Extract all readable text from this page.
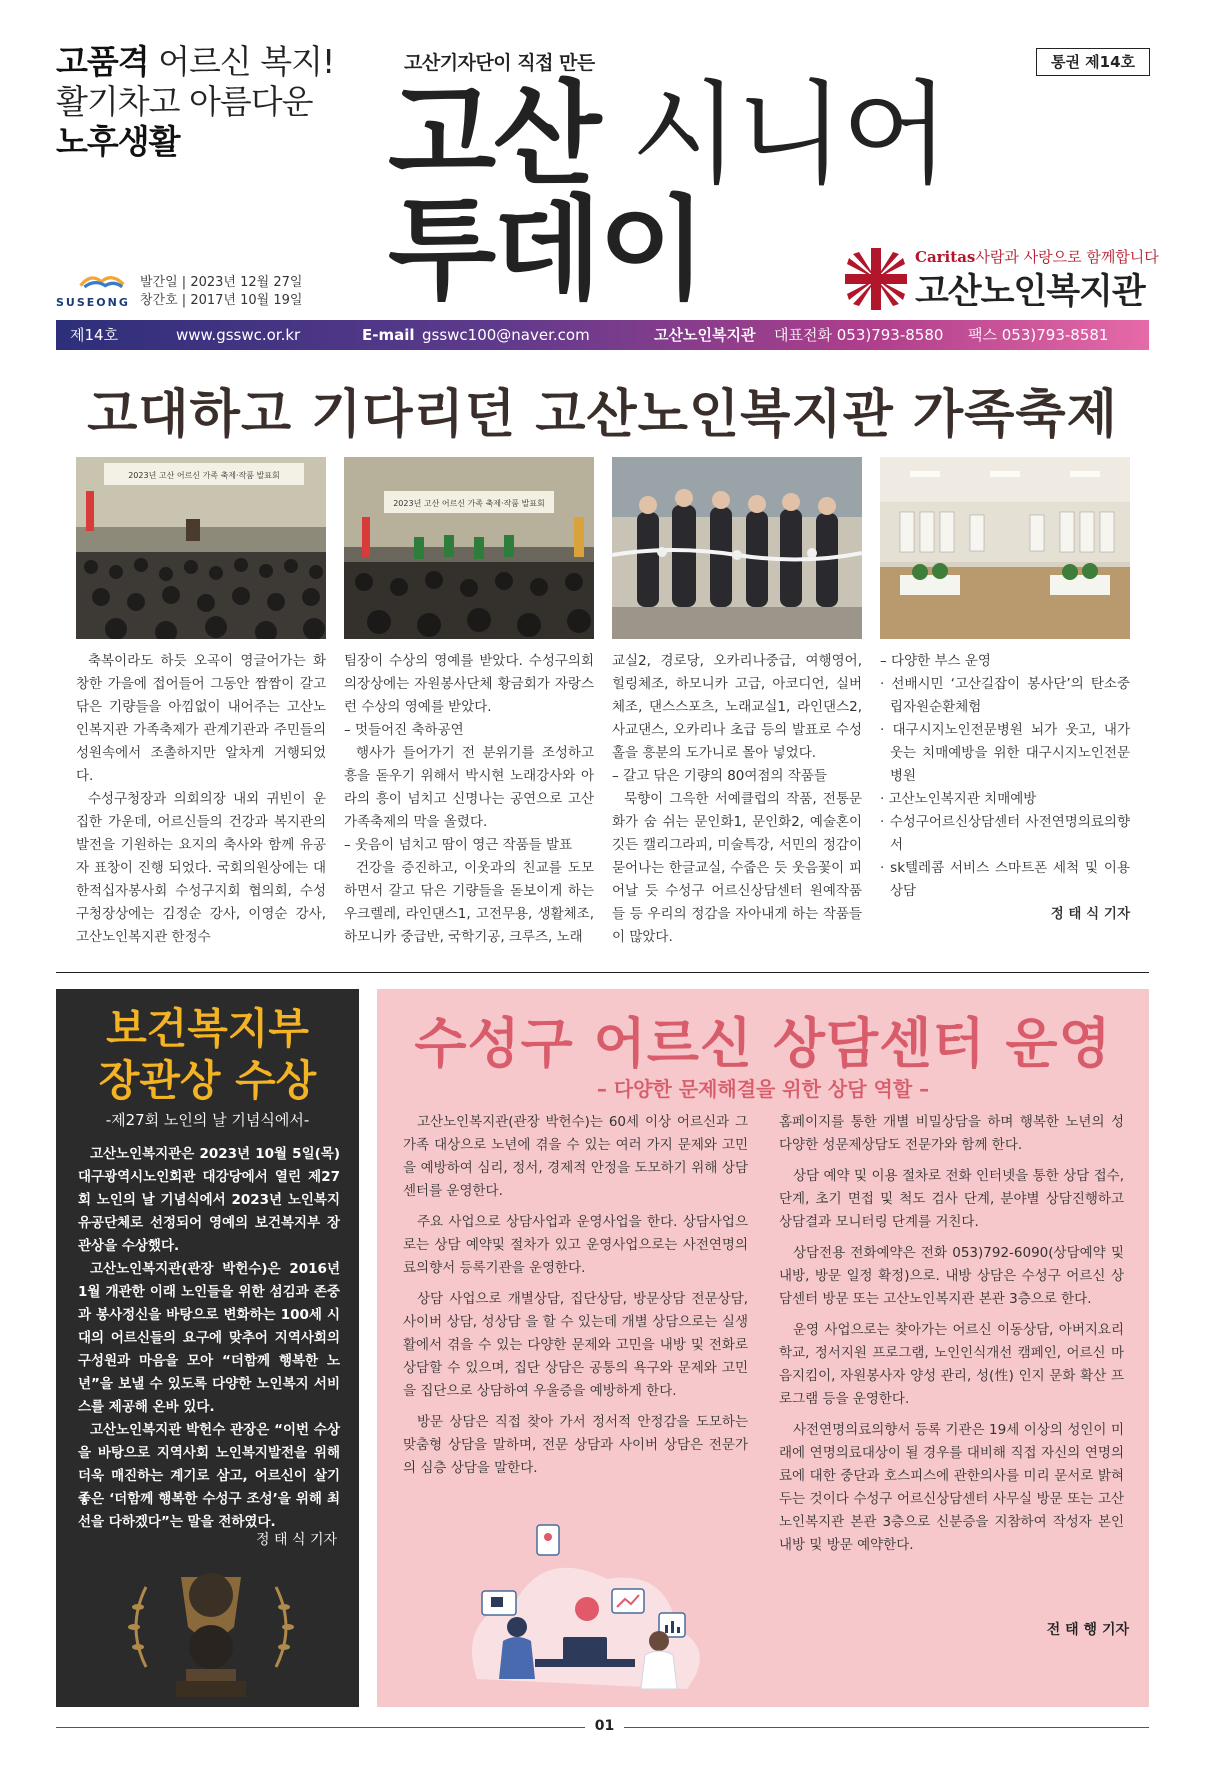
고품격 어르신 복지!
활기차고 아름다운
노후생활
고산기자단이 직접 만든
고산 시니어
투데이
통권 제14호
SUSEONG
발간일 | 2023년 12월 27일
창간호 | 2017년 10월 19일
Caritas사람과 사랑으로 함께합니다
고산노인복지관
제14호	www.gsswc.or.kr	E-mail gsswc100@naver.com	고산노인복지관 대표전화 053)793-8580 팩스 053)793-8581
고대하고 기다리던 고산노인복지관 가족축제
2023년 고산 어르신 가족 축제·작품 발표회
2023년 고산 어르신 가족 축제·작품 발표회

축복이라도 하듯 오곡이 영글어가는 화창한 가을에 접어들어 그동안 짬짬이 갈고 닦은 기량들을 아낌없이 내어주는 고산노인복지관 가족축제가 관계기관과 주민들의 성원속에서 조촐하지만 알차게 거행되었다.

수성구청장과 의회의장 내외 귀빈이 운집한 가운데, 어르신들의 건강과 복지관의 발전을 기원하는 요지의 축사와 함께 유공자 표창이 진행 되었다. 국회의원상에는 대한적십자봉사회 수성구지회 협의회, 수성구청장상에는 김정순 강사, 이영순 강사, 고산노인복지관 한정수

팀장이 수상의 영예를 받았다. 수성구의회의장상에는 자원봉사단체 황금회가 자랑스런 수상의 영예를 받았다.

– 멋들어진 축하공연

행사가 들어가기 전 분위기를 조성하고 흥을 돋우기 위해서 박시현 노래강사와 아라의 흥이 넘치고 신명나는 공연으로 고산가족축제의 막을 올렸다.

– 웃음이 넘치고 땀이 영근 작품들 발표

건강을 증진하고, 이웃과의 친교를 도모하면서 갈고 닦은 기량들을 돋보이게 하는 우크렐레, 라인댄스1, 고전무용, 생활체조, 하모니카 중급반, 국학기공, 크루즈, 노래

교실2, 경로당, 오카리나중급, 여행영어, 힐링체조, 하모니카 고급, 아코디언, 실버체조, 댄스스포츠, 노래교실1, 라인댄스2, 사교댄스, 오카리나 초급 등의 발표로 수성홀을 흥분의 도가니로 몰아 넣었다.

– 갈고 닦은 기량의 80여점의 작품들

묵향이 그윽한 서예클럽의 작품, 전통문화가 숨 쉬는 문인화1, 문인화2, 예술혼이 깃든 캘리그라피, 미술특강, 서민의 정감이 묻어나는 한글교실, 수줍은 듯 웃음꽃이 피어날 듯 수성구 어르신상담센터 원예작품들 등 우리의 정감을 자아내게 하는 작품들이 많았다.

– 다양한 부스 운영

· 선배시민 ‘고산길잡이 봉사단’의 탄소중립자원순환체험

· 대구시지노인전문병원 뇌가 웃고, 내가 웃는 치매예방을 위한 대구시지노인전문병원

· 고산노인복지관 치매예방

· 수성구어르신상담센터 사전연명의료의향서

· sk텔레콤 서비스 스마트폰 세척 및 이용상담

정 태 식 기자

보건복지부
장관상 수상
-제27회 노인의 날 기념식에서-

고산노인복지관은 2023년 10월 5일(목) 대구광역시노인회관 대강당에서 열린 제27회 노인의 날 기념식에서 2023년 노인복지 유공단체로 선정되어 영예의 보건복지부 장관상을 수상했다.

고산노인복지관(관장 박헌수)은 2016년 1월 개관한 이래 노인들을 위한 섬김과 존중과 봉사정신을 바탕으로 변화하는 100세 시대의 어르신들의 요구에 맞추어 지역사회의 구성원과 마음을 모아 “더함께 행복한 노년”을 보낼 수 있도록 다양한 노인복지 서비스를 제공해 온바 있다.

고산노인복지관 박헌수 관장은 “이번 수상을 바탕으로 지역사회 노인복지발전을 위해 더욱 매진하는 계기로 삼고, 어르신이 살기 좋은 ‘더함께 행복한 수성구 조성’을 위해 최선을 다하겠다”는 말을 전하였다.

정 태 식 기자
수성구 어르신 상담센터 운영
– 다양한 문제해결을 위한 상담 역할 –

고산노인복지관(관장 박헌수)는 60세 이상 어르신과 그 가족 대상으로 노년에 겪을 수 있는 여러 가지 문제와 고민을 예방하여 심리, 정서, 경제적 안정을 도모하기 위해 상담센터를 운영한다.

주요 사업으로 상담사업과 운영사업을 한다. 상담사업으로는 상담 예약및 절차가 있고 운영사업으로는 사전연명의료의향서 등록기관을 운영한다.

상담 사업으로 개별상담, 집단상담, 방문상담 전문상담, 사이버 상담, 성상담 을 할 수 있는데 개별 상담으로는 실생활에서 겪을 수 있는 다양한 문제와 고민을 내방 및 전화로 상담할 수 있으며, 집단 상담은 공통의 욕구와 문제와 고민을 집단으로 상담하여 우울증을 예방하게 한다.

방문 상담은 직접 찾아 가서 정서적 안정감을 도모하는 맞춤형 상담을 말하며, 전문 상담과 사이버 상담은 전문가의 심층 상담을 말한다.

홈페이지를 통한 개별 비밀상담을 하며 행복한 노년의 성 다양한 성문제상담도 전문가와 함께 한다.

상담 예약 및 이용 절차로 전화 인터넷을 통한 상담 접수, 단계, 초기 면접 및 척도 검사 단계, 분야별 상담진행하고 상담결과 모니터링 단계를 거친다.

상담전용 전화예약은 전화 053)792-6090(상담예약 및 내방, 방문 일정 확정)으로. 내방 상담은 수성구 어르신 상담센터 방문 또는 고산노인복지관 본관 3층으로 한다.

운영 사업으로는 찾아가는 어르신 이동상담, 아버지요리학교, 정서지원 프로그램, 노인인식개선 캠페인, 어르신 마음지킴이, 자원봉사자 양성 관리, 성(性) 인지 문화 확산 프로그램 등을 운영한다.

사전연명의료의향서 등록 기관은 19세 이상의 성인이 미래에 연명의료대상이 될 경우를 대비해 직접 자신의 연명의료에 대한 중단과 호스피스에 관한의사를 미리 문서로 밝혀두는 것이다 수성구 어르신상담센터 사무실 방문 또는 고산노인복지관 본관 3층으로 신분증을 지참하여 작성자 본인 내방 및 방문 예약한다.

전 태 행 기자
01
